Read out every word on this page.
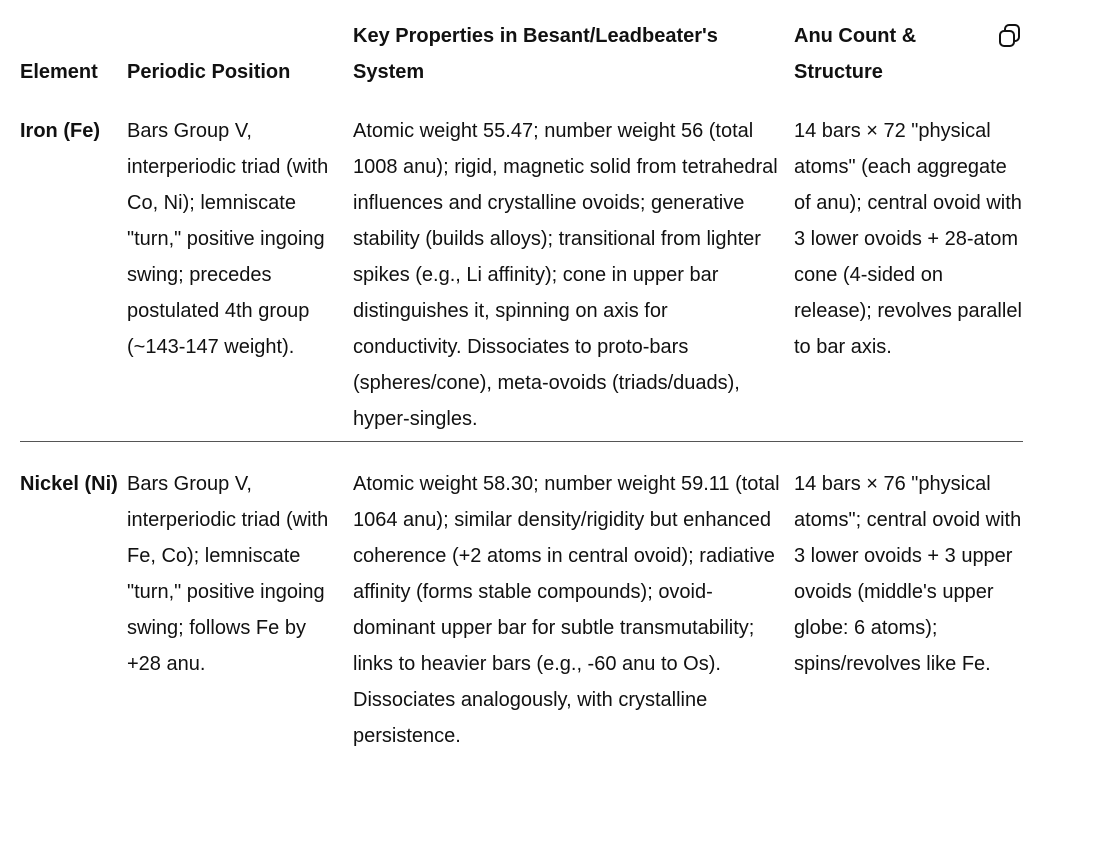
Element	Periodic Position	Key Properties in Besant/Leadbeater's System	Anu Count & Structure
Iron (Fe)	Bars Group V, interperiodic triad (with Co, Ni); lemniscate "turn," positive ingoing swing; precedes postulated 4th group (~143-147 weight).	Atomic weight 55.47; number weight 56 (total 1008 anu); rigid, magnetic solid from tetrahedral influences and crystalline ovoids; generative stability (builds alloys); transitional from lighter spikes (e.g., Li affinity); cone in upper bar distinguishes it, spinning on axis for conductivity. Dissociates to proto-bars (spheres/cone), meta-ovoids (triads/duads), hyper-singles.	14 bars × 72 "physical atoms" (each aggregate of anu); central ovoid with 3 lower ovoids + 28-atom cone (4-sided on release); revolves parallel to bar axis.
Nickel (Ni)	Bars Group V, interperiodic triad (with Fe, Co); lemniscate "turn," positive ingoing swing; follows Fe by +28 anu.	Atomic weight 58.30; number weight 59.11 (total 1064 anu); similar density/rigidity but enhanced coherence (+2 atoms in central ovoid); radiative affinity (forms stable compounds); ovoid-dominant upper bar for subtle transmutability; links to heavier bars (e.g., -60 anu to Os). Dissociates analogously, with crystalline persistence.	14 bars × 76 "physical atoms"; central ovoid with 3 lower ovoids + 3 upper ovoids (middle's upper globe: 6 atoms); spins/revolves like Fe.
